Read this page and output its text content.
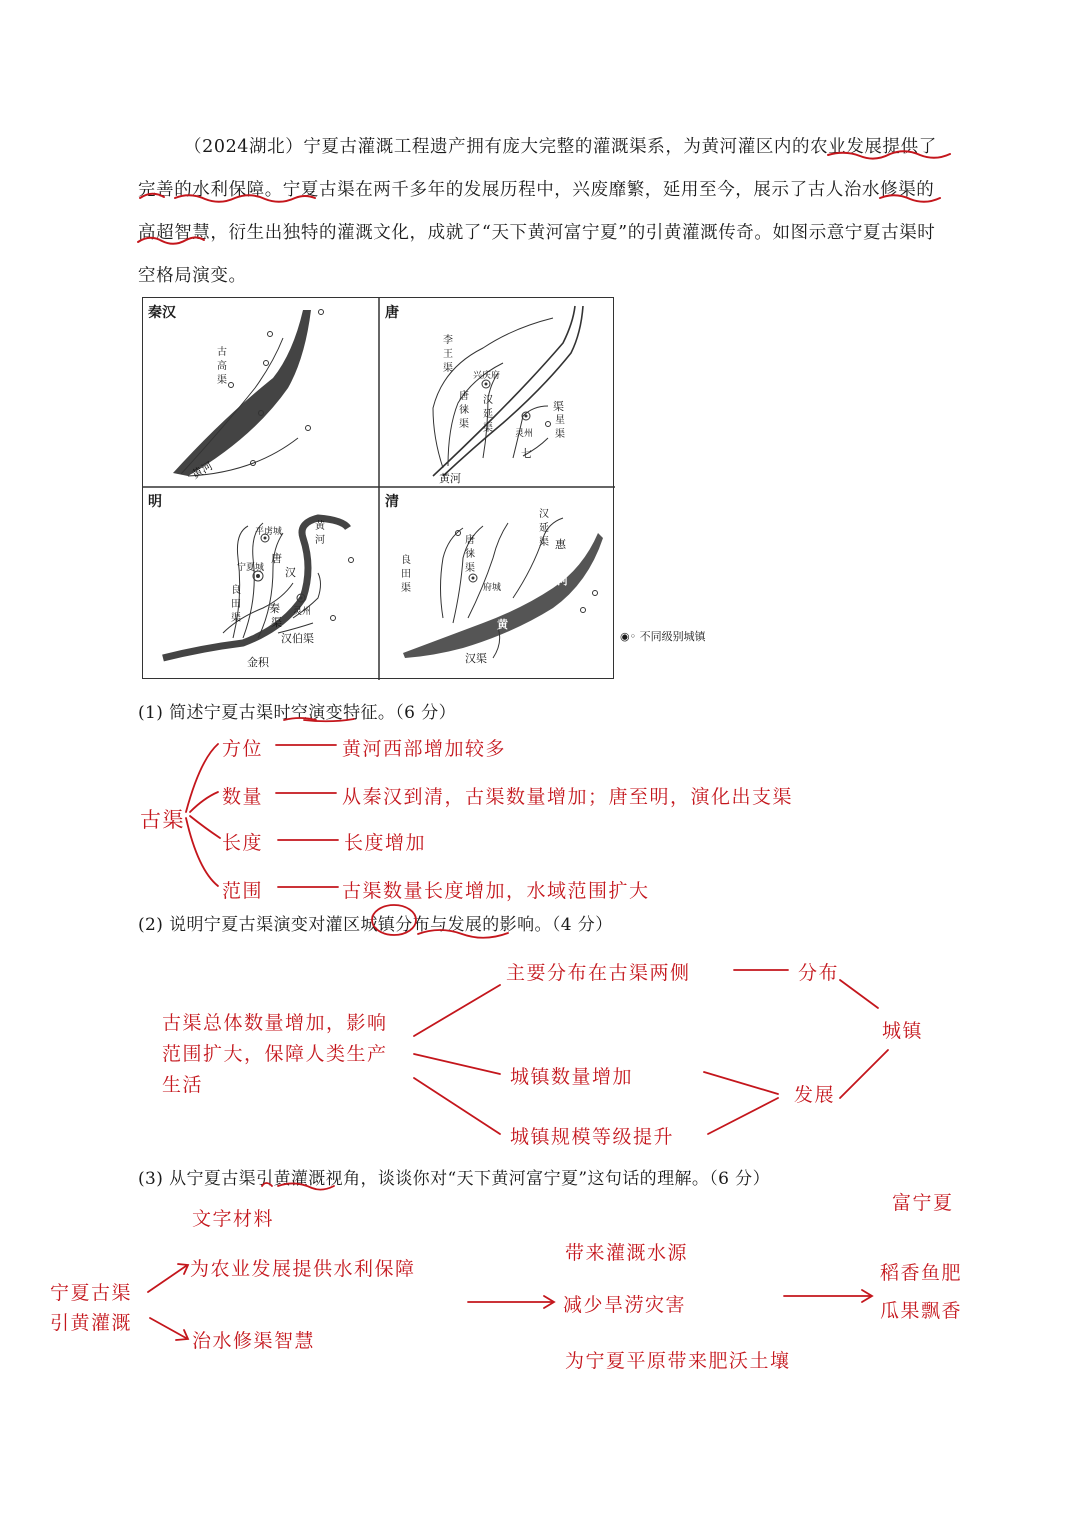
（2024湖北）宁夏古灌溉工程遗产拥有庞大完整的灌溉渠系，为黄河灌区内的农业发展提供了完善的水利保障。宁夏古渠在两千多年的发展历程中，兴废靡繁，延用至今，展示了古人治水修渠的高超智慧，衍生出独特的灌溉文化，成就了“天下黄河富宁夏”的引黄灌溉传奇。如图示意宁夏古渠时空格局演变。
秦汉	唐
明	清
古高渠
黄河
李王渠
唐徕渠
汉延渠
七
渠
星渠
兴庆府
灵州
黄河
平虏城
宁夏城
灵州
良田渠
唐
汉
汉伯渠
金积
秦
渠
黄河
府城
良田渠
唐徕渠
汉延渠
汉渠
惠
黄
河
◉◦ 不同级别城镇
(1) 简述宁夏古渠时空演变特征。（6 分）
古渠
方位	黄河西部增加较多
数量	从秦汉到清，古渠数量增加；唐至明，演化出支渠
长度	长度增加
范围	古渠数量长度增加，水域范围扩大
(2) 说明宁夏古渠演变对灌区城镇分布与发展的影响。（4 分）
古渠总体数量增加，影响范围扩大，保障人类生产生活
主要分布在古渠两侧	分布
城镇
城镇数量增加
发展
城镇规模等级提升
(3) 从宁夏古渠引黄灌溉视角，谈谈你对“天下黄河富宁夏”这句话的理解。（6 分）
富宁夏
文字材料
宁夏古渠
引黄灌溉
为农业发展提供水利保障
治水修渠智慧
带来灌溉水源
减少旱涝灾害
为宁夏平原带来肥沃土壤
稻香鱼肥
瓜果飘香
